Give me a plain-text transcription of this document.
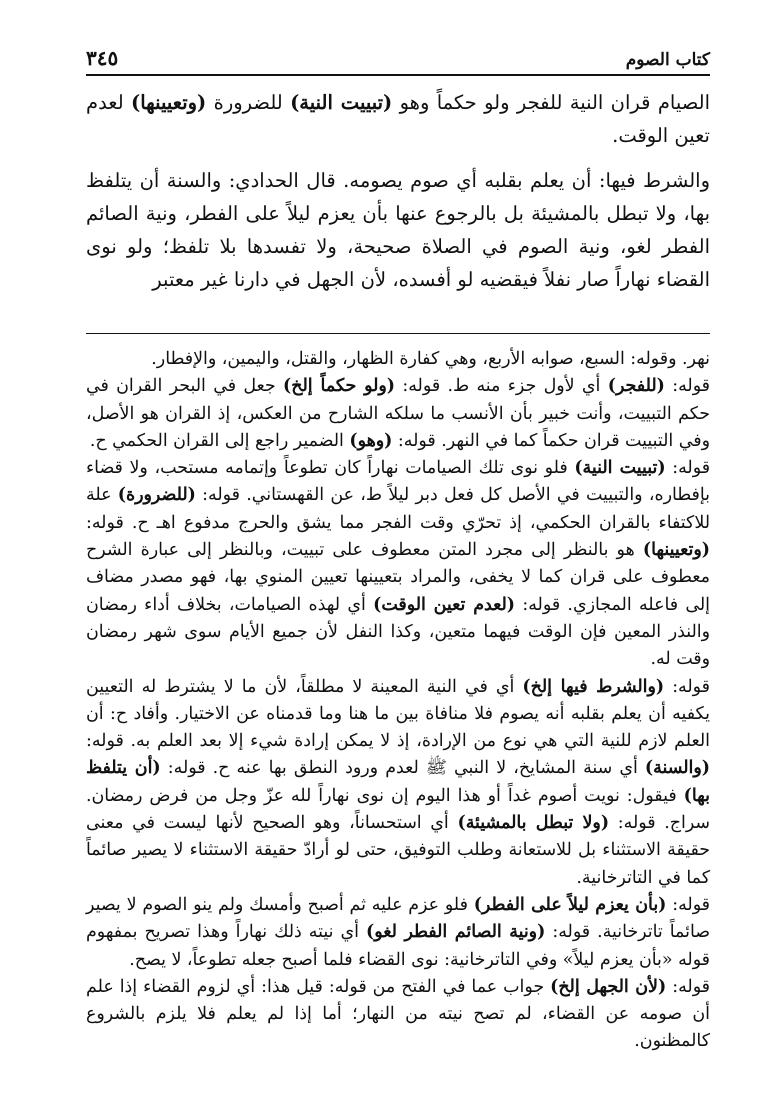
كتاب الصوم
٣٤٥

الصيام قران النية للفجر ولو حكماً وهو (تبييت النية) للضرورة (وتعيينها) لعدم تعين الوقت.

والشرط فيها: أن يعلم بقلبه أي صوم يصومه. قال الحدادي: والسنة أن يتلفظ بها، ولا تبطل بالمشيئة بل بالرجوع عنها بأن يعزم ليلاً على الفطر، ونية الصائم الفطر لغو، ونية الصوم في الصلاة صحيحة، ولا تفسدها بلا تلفظ؛ ولو نوى القضاء نهاراً صار نفلاً فيقضيه لو أفسده، لأن الجهل في دارنا غير معتبر

نهر. وقوله: السبع، صوابه الأربع، وهي كفارة الظهار، والقتل، واليمين، والإفطار.

قوله: (للفجر) أي لأول جزء منه ط. قوله: (ولو حكماً إلخ) جعل في البحر القران في حكم التبييت، وأنت خبير بأن الأنسب ما سلكه الشارح من العكس، إذ القران هو الأصل، وفي التبييت قران حكماً كما في النهر. قوله: (وهو) الضمير راجع إلى القران الحكمي ح.

قوله: (تبييت النية) فلو نوى تلك الصيامات نهاراً كان تطوعاً وإتمامه مستحب، ولا قضاء بإفطاره، والتبييت في الأصل كل فعل دبر ليلاً ط، عن القهستاني. قوله: (للضرورة) علة للاكتفاء بالقران الحكمي، إذ تحرّي وقت الفجر مما يشق والحرج مدفوع اهـ ح. قوله: (وتعيينها) هو بالنظر إلى مجرد المتن معطوف على تبييت، وبالنظر إلى عبارة الشرح معطوف على قران كما لا يخفى، والمراد بتعيينها تعيين المنوي بها، فهو مصدر مضاف إلى فاعله المجازي. قوله: (لعدم تعين الوقت) أي لهذه الصيامات، بخلاف أداء رمضان والنذر المعين فإن الوقت فيهما متعين، وكذا النفل لأن جميع الأيام سوى شهر رمضان وقت له.

قوله: (والشرط فيها إلخ) أي في النية المعينة لا مطلقاً، لأن ما لا يشترط له التعيين يكفيه أن يعلم بقلبه أنه يصوم فلا منافاة بين ما هنا وما قدمناه عن الاختيار. وأفاد ح: أن العلم لازم للنية التي هي نوع من الإرادة، إذ لا يمكن إرادة شيء إلا بعد العلم به. قوله: (والسنة) أي سنة المشايخ، لا النبي ﷺ لعدم ورود النطق بها عنه ح. قوله: (أن يتلفظ بها) فيقول: نويت أصوم غداً أو هذا اليوم إن نوى نهاراً لله عزّ وجل من فرض رمضان. سراج. قوله: (ولا تبطل بالمشيئة) أي استحساناً، وهو الصحيح لأنها ليست في معنى حقيقة الاستثناء بل للاستعانة وطلب التوفيق، حتى لو أرادّ حقيقة الاستثناء لا يصير صائماً كما في التاترخانية.

قوله: (بأن يعزم ليلاً على الفطر) فلو عزم عليه ثم أصبح وأمسك ولم ينو الصوم لا يصير صائماً تاترخانية. قوله: (ونية الصائم الفطر لغو) أي نيته ذلك نهاراً وهذا تصريح بمفهوم قوله «بأن يعزم ليلاً» وفي التاترخانية: نوى القضاء فلما أصبح جعله تطوعاً، لا يصح.

قوله: (لأن الجهل إلخ) جواب عما في الفتح من قوله: قيل هذا: أي لزوم القضاء إذا علم أن صومه عن القضاء، لم تصح نيته من النهار؛ أما إذا لم يعلم فلا يلزم بالشروع كالمظنون.
